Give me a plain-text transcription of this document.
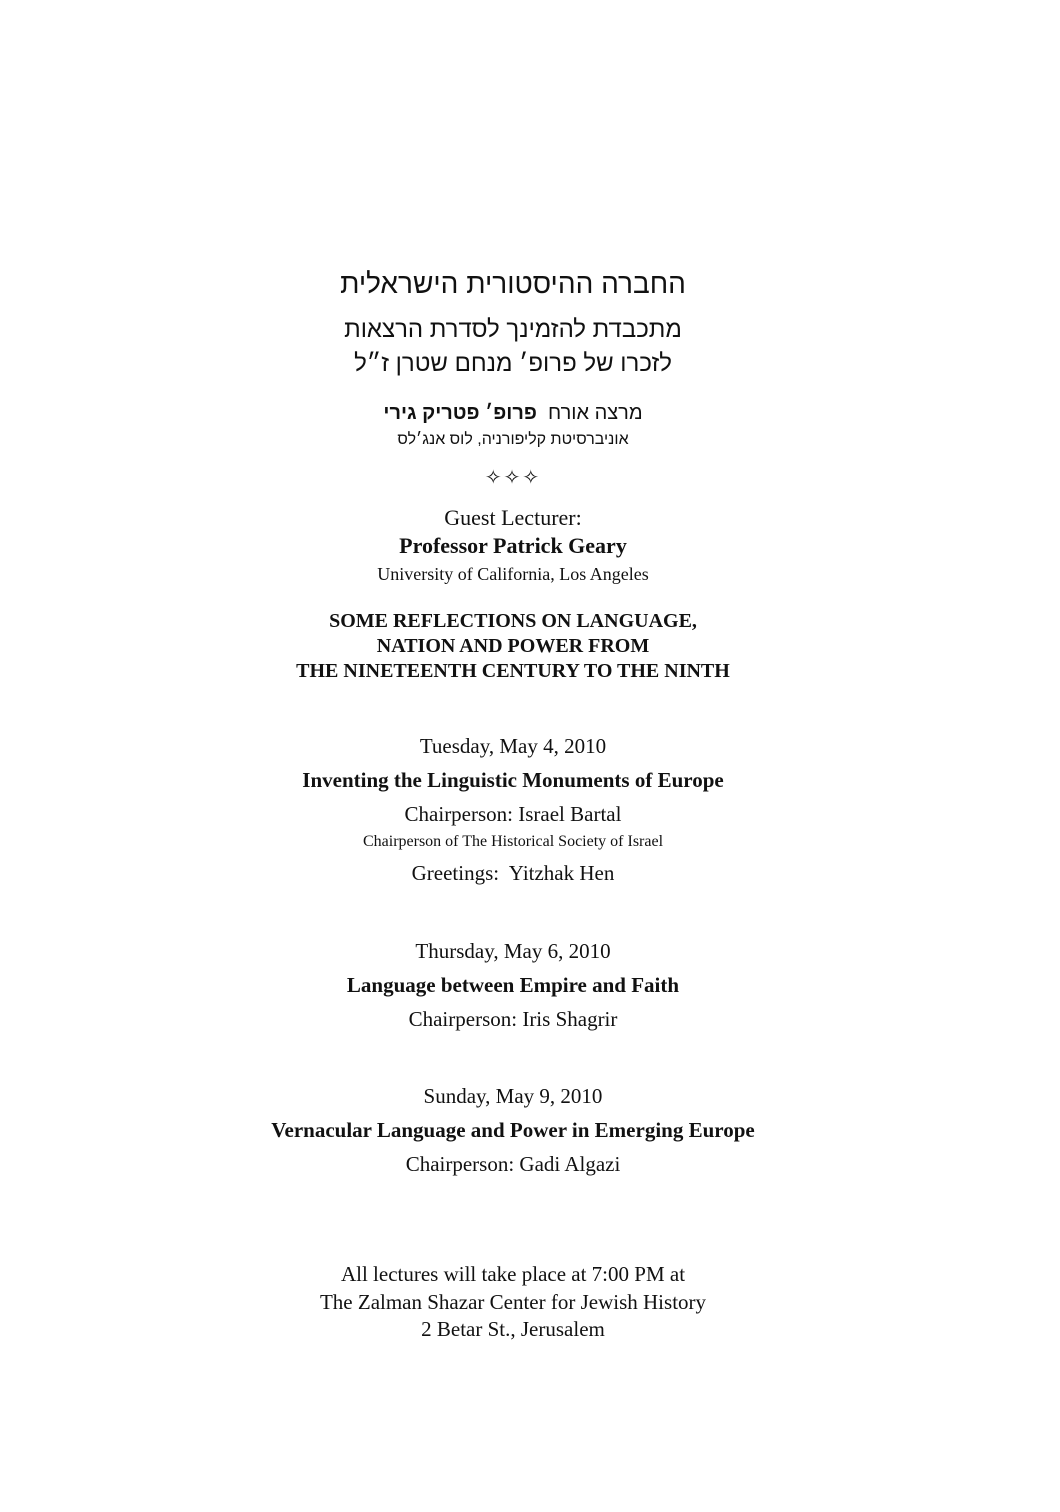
החברה ההיסטורית הישראלית
מתכבדת להזמינך לסדרת הרצאות
לזכרו של פרופ׳ מנחם שטרן ז״ל
מרצה אורח  פרופ׳ פטריק גירי
אוניברסיטת קליפורניה, לוס אנג׳לס
✧✧✧
Guest Lecturer:
Professor Patrick Geary
University of California, Los Angeles
SOME REFLECTIONS ON LANGUAGE,
NATION AND POWER FROM
THE NINETEENTH CENTURY TO THE NINTH
Tuesday, May 4, 2010
Inventing the Linguistic Monuments of Europe
Chairperson: Israel Bartal
Chairperson of The Historical Society of Israel
Greetings:  Yitzhak Hen
Thursday, May 6, 2010
Language between Empire and Faith
Chairperson: Iris Shagrir
Sunday, May 9, 2010
Vernacular Language and Power in Emerging Europe
Chairperson: Gadi Algazi
All lectures will take place at 7:00 PM at
The Zalman Shazar Center for Jewish History
2 Betar St., Jerusalem
